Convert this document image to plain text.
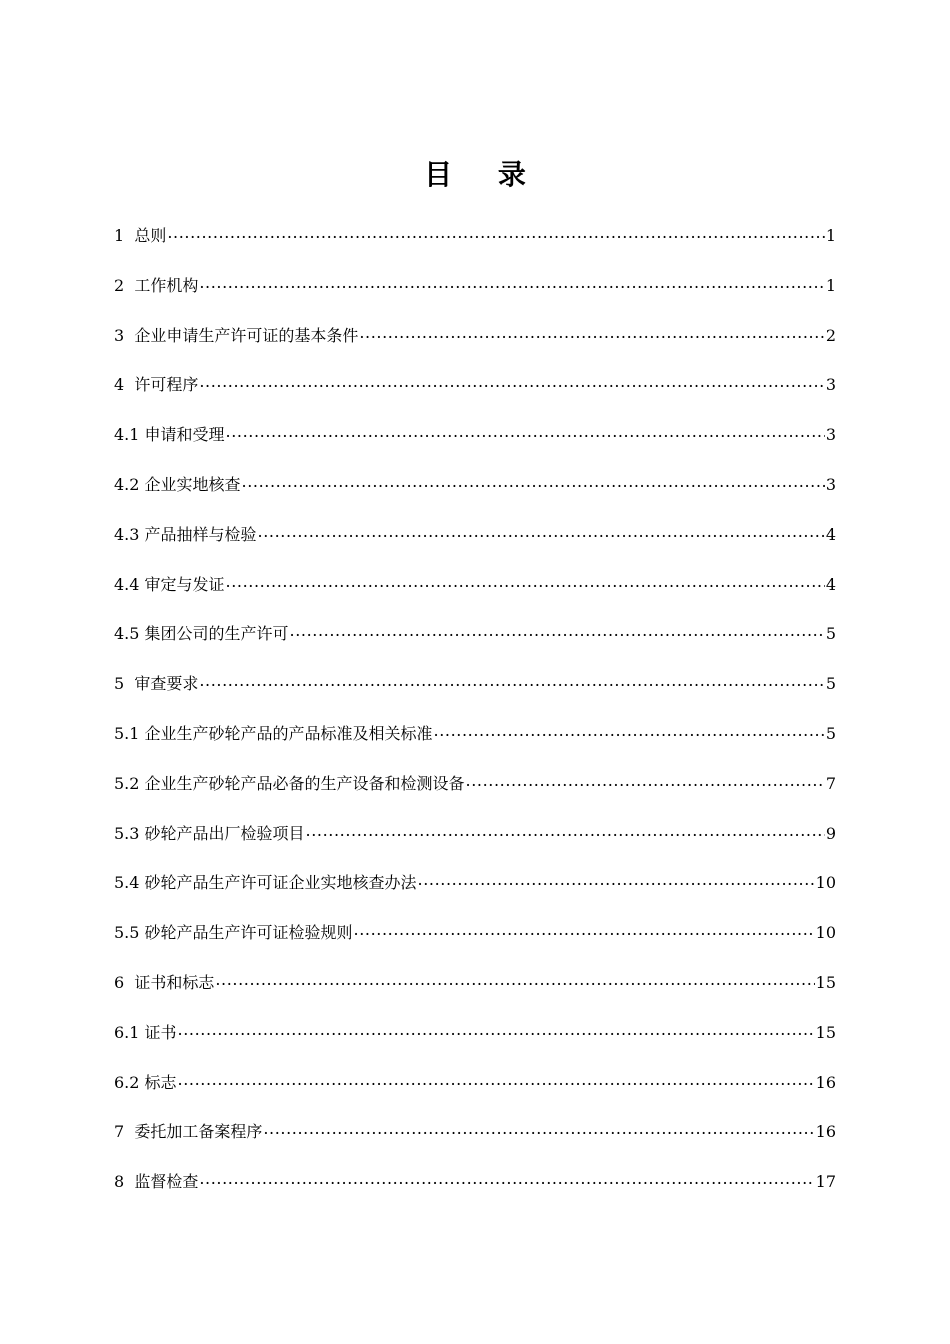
目 录
1  总则 .....	1
2  工作机构 .....	1
3  企业申请生产许可证的基本条件 .....	2
4  许可程序 .....	3
4.1 申请和受理 .....	3
4.2 企业实地核查 .....	3
4.3 产品抽样与检验 .....	4
4.4 审定与发证 .....	4
4.5 集团公司的生产许可 .....	5
5  审查要求 .....	5
5.1 企业生产砂轮产品的产品标准及相关标准 .....	5
5.2 企业生产砂轮产品必备的生产设备和检测设备 .....	7
5.3 砂轮产品出厂检验项目 .....	9
5.4 砂轮产品生产许可证企业实地核查办法 .....	10
5.5 砂轮产品生产许可证检验规则 .....	10
6  证书和标志 .....	15
6.1 证书 .....	15
6.2 标志 .....	16
7  委托加工备案程序 .....	16
8  监督检查 .....	17
